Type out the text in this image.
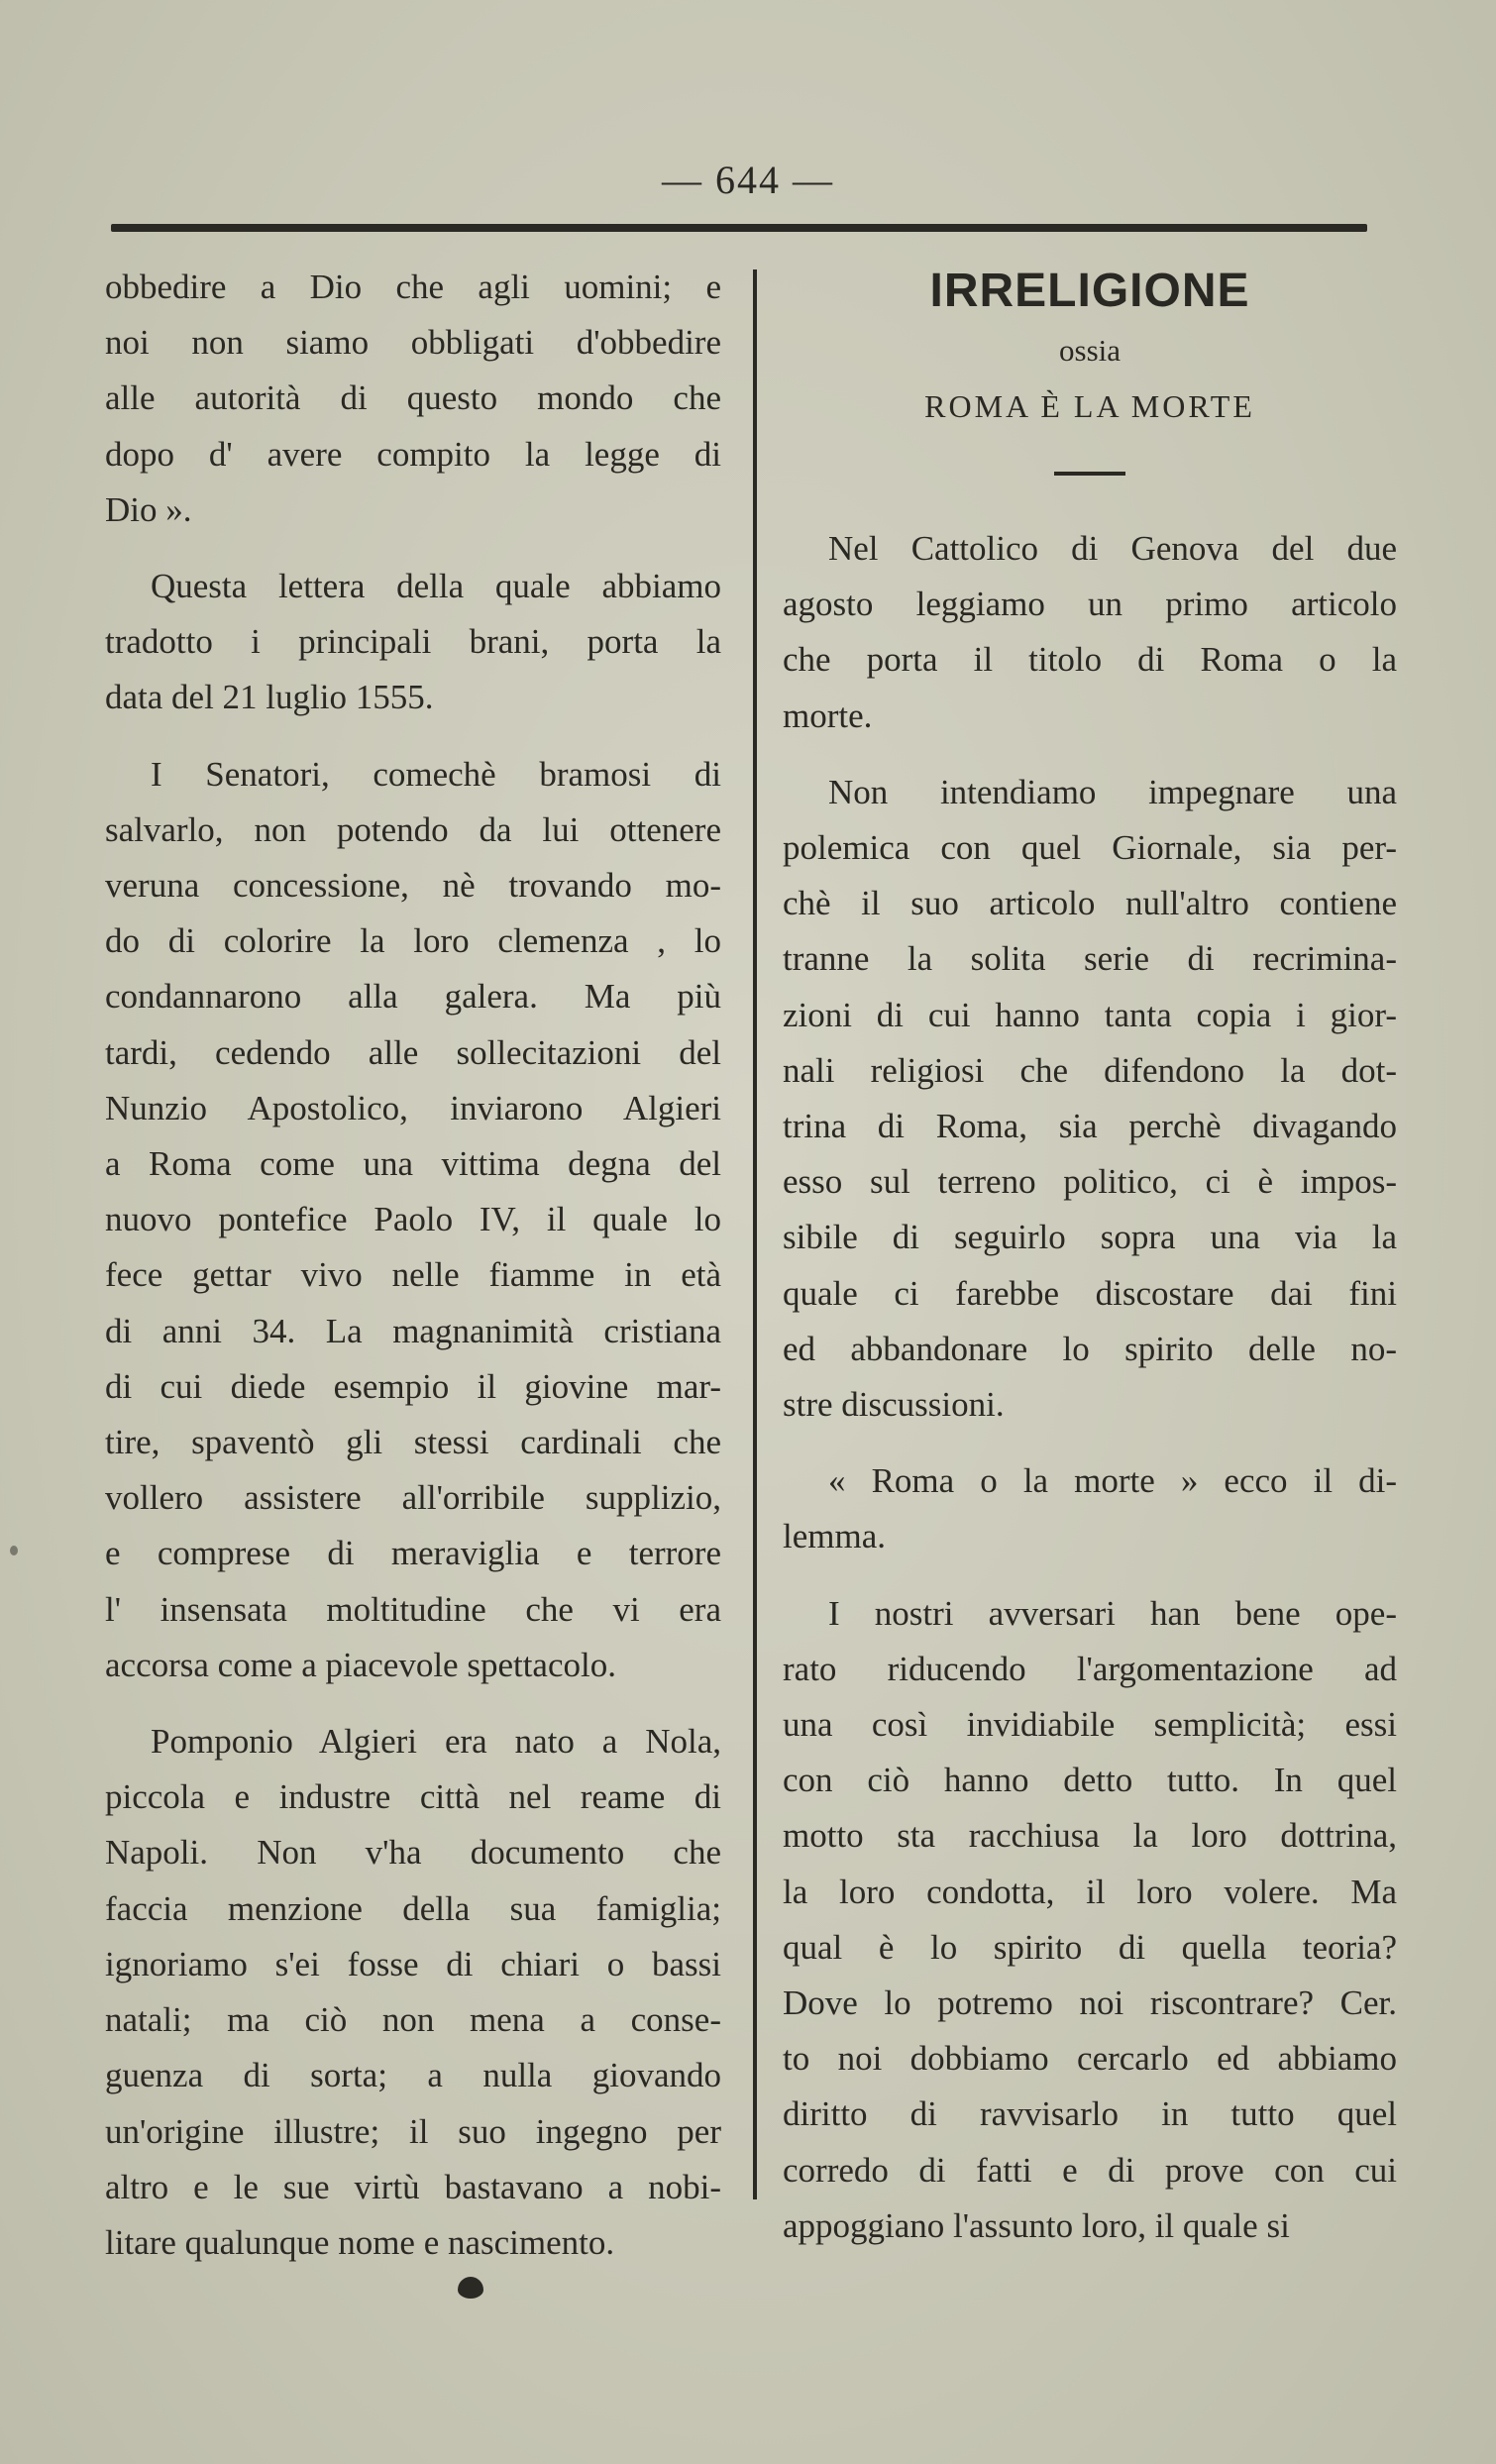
— 644 —

obbedire a Dio che agli uomini; e
noi non siamo obbligati d'obbedire
alle autorità di questo mondo che
dopo d' avere compito la legge di
Dio ».

Questa lettera della quale abbiamo
tradotto i principali brani, porta la
data del 21 luglio 1555.

I Senatori, comechè bramosi di
salvarlo, non potendo da lui ottenere
veruna concessione, nè trovando mo-
do di colorire la loro clemenza , lo
condannarono alla galera. Ma più
tardi, cedendo alle sollecitazioni del
Nunzio Apostolico, inviarono Algieri
a Roma come una vittima degna del
nuovo pontefice Paolo IV, il quale lo
fece gettar vivo nelle fiamme in età
di anni 34. La magnanimità cristiana
di cui diede esempio il giovine mar-
tire, spaventò gli stessi cardinali che
vollero assistere all'orribile supplizio,
e comprese di meraviglia e terrore
l' insensata moltitudine che vi era
accorsa come a piacevole spettacolo.

Pomponio Algieri era nato a Nola,
piccola e industre città nel reame di
Napoli. Non v'ha documento che
faccia menzione della sua famiglia;
ignoriamo s'ei fosse di chiari o bassi
natali; ma ciò non mena a conse-
guenza di sorta; a nulla giovando
un'origine illustre; il suo ingegno per
altro e le sue virtù bastavano a nobi-
litare qualunque nome e nascimento.

IRRELIGIONE
ossia
ROMA È LA MORTE

Nel Cattolico di Genova del due
agosto leggiamo un primo articolo
che porta il titolo di Roma o la
morte.

Non intendiamo impegnare una
polemica con quel Giornale, sia per-
chè il suo articolo null'altro contiene
tranne la solita serie di recrimina-
zioni di cui hanno tanta copia i gior-
nali religiosi che difendono la dot-
trina di Roma, sia perchè divagando
esso sul terreno politico, ci è impos-
sibile di seguirlo sopra una via la
quale ci farebbe discostare dai fini
ed abbandonare lo spirito delle no-
stre discussioni.

« Roma o la morte » ecco il di-
lemma.

I nostri avversari han bene ope-
rato riducendo l'argomentazione ad
una così invidiabile semplicità; essi
con ciò hanno detto tutto. In quel
motto sta racchiusa la loro dottrina,
la loro condotta, il loro volere. Ma
qual è lo spirito di quella teoria?
Dove lo potremo noi riscontrare? Cer.
to noi dobbiamo cercarlo ed abbiamo
diritto di ravvisarlo in tutto quel
corredo di fatti e di prove con cui
appoggiano l'assunto loro, il quale si
